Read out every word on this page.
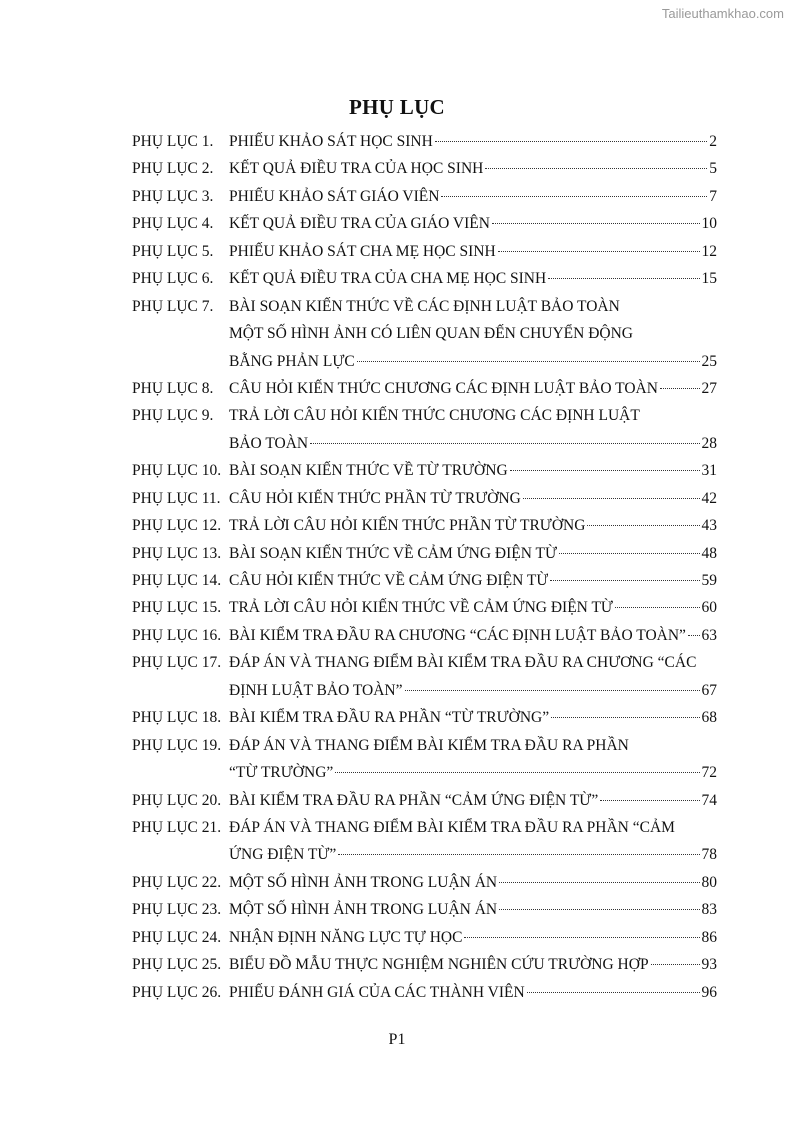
Tailieuthamkhao.com
PHỤ LỤC
PHỤ LỤC 1.	PHIẾU KHẢO SÁT HỌC SINH	2
PHỤ LỤC 2.	KẾT QUẢ ĐIỀU TRA CỦA HỌC SINH	5
PHỤ LỤC 3.	PHIẾU KHẢO SÁT GIÁO VIÊN	7
PHỤ LỤC 4.	KẾT QUẢ ĐIỀU TRA CỦA GIÁO VIÊN	10
PHỤ LỤC 5.	PHIẾU KHẢO SÁT CHA MẸ HỌC SINH	12
PHỤ LỤC 6.	KẾT QUẢ ĐIỀU TRA CỦA CHA MẸ HỌC SINH	15
PHỤ LỤC 7.	BÀI SOẠN KIẾN THỨC VỀ CÁC ĐỊNH LUẬT BẢO TOÀN
MỘT SỐ HÌNH ẢNH CÓ LIÊN QUAN ĐẾN CHUYỂN ĐỘNG
BẰNG PHẢN LỰC	25
PHỤ LỤC 8.	CÂU HỎI KIẾN THỨC CHƯƠNG CÁC ĐỊNH LUẬT BẢO TOÀN	27
PHỤ LỤC 9.	TRẢ LỜI CÂU HỎI KIẾN THỨC CHƯƠNG CÁC ĐỊNH LUẬT
BẢO TOÀN	28
PHỤ LỤC 10. BÀI SOẠN KIẾN THỨC VỀ TỪ TRƯỜNG	31
PHỤ LỤC 11. CÂU HỎI KIẾN THỨC PHẦN TỪ TRƯỜNG	42
PHỤ LỤC 12. TRẢ LỜI CÂU HỎI KIẾN THỨC PHẦN TỪ TRƯỜNG	43
PHỤ LỤC 13. BÀI SOẠN KIẾN THỨC VỀ CẢM ỨNG ĐIỆN TỪ	48
PHỤ LỤC 14. CÂU HỎI KIẾN THỨC VỀ CẢM ỨNG ĐIỆN TỪ	59
PHỤ LỤC 15. TRẢ LỜI CÂU HỎI KIẾN THỨC VỀ CẢM ỨNG ĐIỆN TỪ	60
PHỤ LỤC 16. BÀI KIỂM TRA ĐẦU RA CHƯƠNG “CÁC ĐỊNH LUẬT BẢO TOÀN” 63
PHỤ LỤC 17. ĐÁP ÁN VÀ THANG ĐIỂM BÀI KIỂM TRA ĐẦU RA CHƯƠNG “CÁC
ĐỊNH LUẬT BẢO TOÀN”	67
PHỤ LỤC 18. BÀI KIỂM TRA ĐẦU RA PHẦN “TỪ TRƯỜNG”	68
PHỤ LỤC 19. ĐÁP ÁN VÀ THANG ĐIỂM BÀI KIỂM TRA ĐẦU RA PHẦN
“TỪ TRƯỜNG”	72
PHỤ LỤC 20. BÀI KIỂM TRA ĐẦU RA PHẦN “CẢM ỨNG ĐIỆN TỪ”	74
PHỤ LỤC 21. ĐÁP ÁN VÀ THANG ĐIỂM BÀI KIỂM TRA ĐẦU RA PHẦN “CẢM
ỨNG ĐIỆN TỪ”	78
PHỤ LỤC 22. MỘT SỐ HÌNH ẢNH TRONG LUẬN ÁN	80
PHỤ LỤC 23. MỘT SỐ HÌNH ẢNH TRONG LUẬN ÁN	83
PHỤ LỤC 24. NHẬN ĐỊNH NĂNG LỰC TỰ HỌC	86
PHỤ LỤC 25. BIỂU ĐỒ MẪU THỰC NGHIỆM NGHIÊN CỨU TRƯỜNG HỢP	93
PHỤ LỤC 26. PHIẾU ĐÁNH GIÁ CỦA CÁC THÀNH VIÊN	96
P1
